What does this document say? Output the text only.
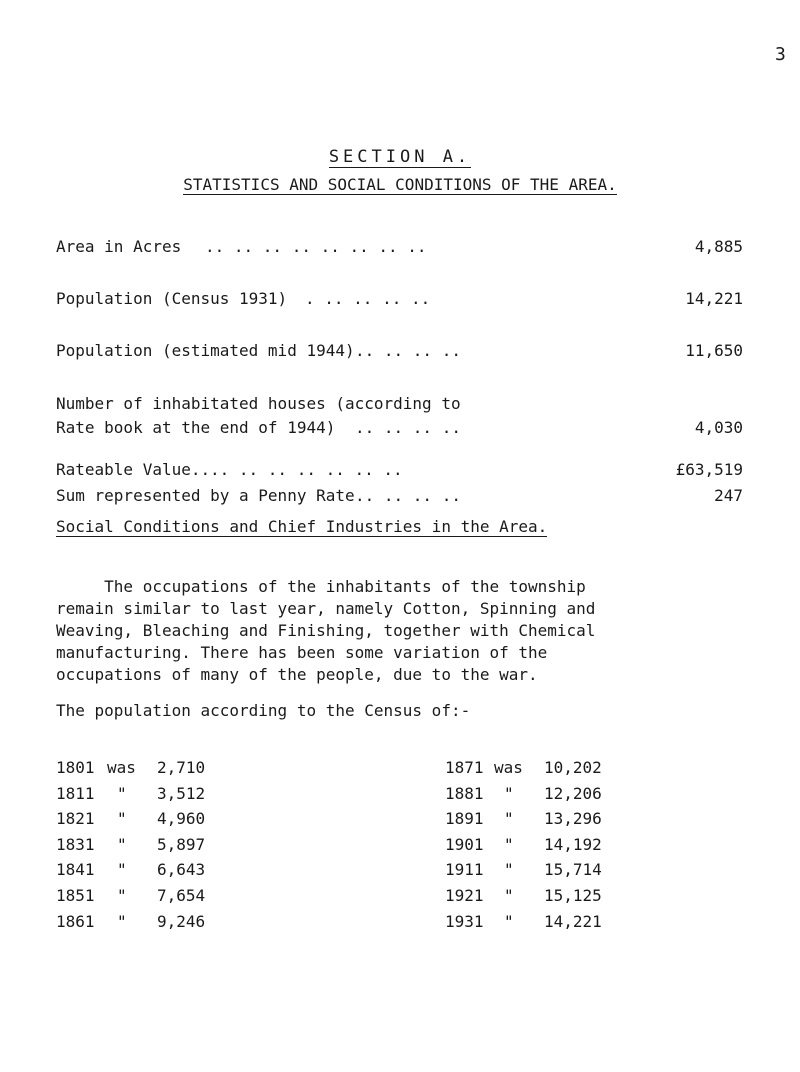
3
SECTION A.
STATISTICS AND SOCIAL CONDITIONS OF THE AREA.
Area in Acres .. .. .. .. .. .. .. ..	4,885
Population (Census 1931) . .. .. .. ..	14,221
Population (estimated mid 1944) .. .. .. ..	11,650
Number of inhabitated houses (according to
Rate book at the end of 1944) .. .. .. ..	4,030
Rateable Value.. .. .. .. .. .. .. ..	£63,519
Sum represented by a Penny Rate .. .. .. ..	247
Social Conditions and Chief Industries in the Area.
The occupations of the inhabitants of the township
remain similar to last year, namely Cotton, Spinning and
Weaving, Bleaching and Finishing, together with Chemical
manufacturing. There has been some variation of the
occupations of many of the people, due to the war.
The population according to the Census of:-
1801 was 2,710
1811 " 3,512
1821 " 4,960
1831 " 5,897
1841 " 6,643
1851 " 7,654
1861 " 9,246
1871 was 10,202
1881 " 12,206
1891 " 13,296
1901 " 14,192
1911 " 15,714
1921 " 15,125
1931 " 14,221
